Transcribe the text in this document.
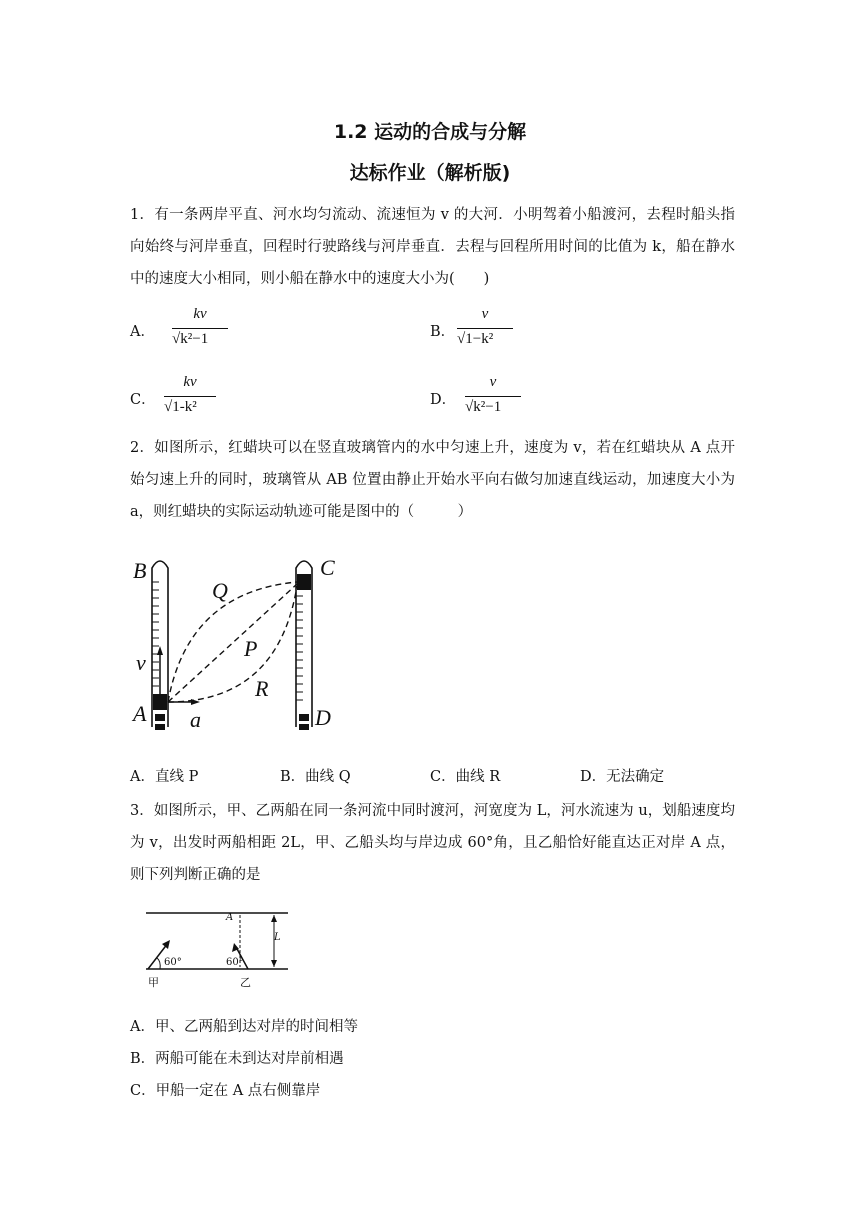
1.2 运动的合成与分解
达标作业（解析版)
1．有一条两岸平直、河水均匀流动、流速恒为 v 的大河．小明驾着小船渡河，去程时船头指向始终与河岸垂直，回程时行驶路线与河岸垂直．去程与回程所用时间的比值为 k，船在静水中的速度大小相同，则小船在静水中的速度大小为(　　)
A．
kv
√k²−1	B．
v
√1−k²
C．
kv
√1-k²	D．
v
√k²−1
2．如图所示，红蜡块可以在竖直玻璃管内的水中匀速上升，速度为 v，若在红蜡块从 A 点开始匀速上升的同时，玻璃管从 AB 位置由静止开始水平向右做匀加速直线运动，加速度大小为 a，则红蜡块的实际运动轨迹可能是图中的（　　　）
B	C
Q
P
v
R
A a	D
A．直线 P	B．曲线 Q	C．曲线 R	D．无法确定
3．如图所示，甲、乙两船在同一条河流中同时渡河，河宽度为 L，河水流速为 u，划船速度均为 v，出发时两船相距 2L，甲、乙船头均与岸边成 60°角，且乙船恰好能直达正对岸 A 点，则下列判断正确的是
A
L
60°	60°
甲	乙
A．甲、乙两船到达对岸的时间相等
B．两船可能在未到达对岸前相遇
C．甲船一定在 A 点右侧靠岸
